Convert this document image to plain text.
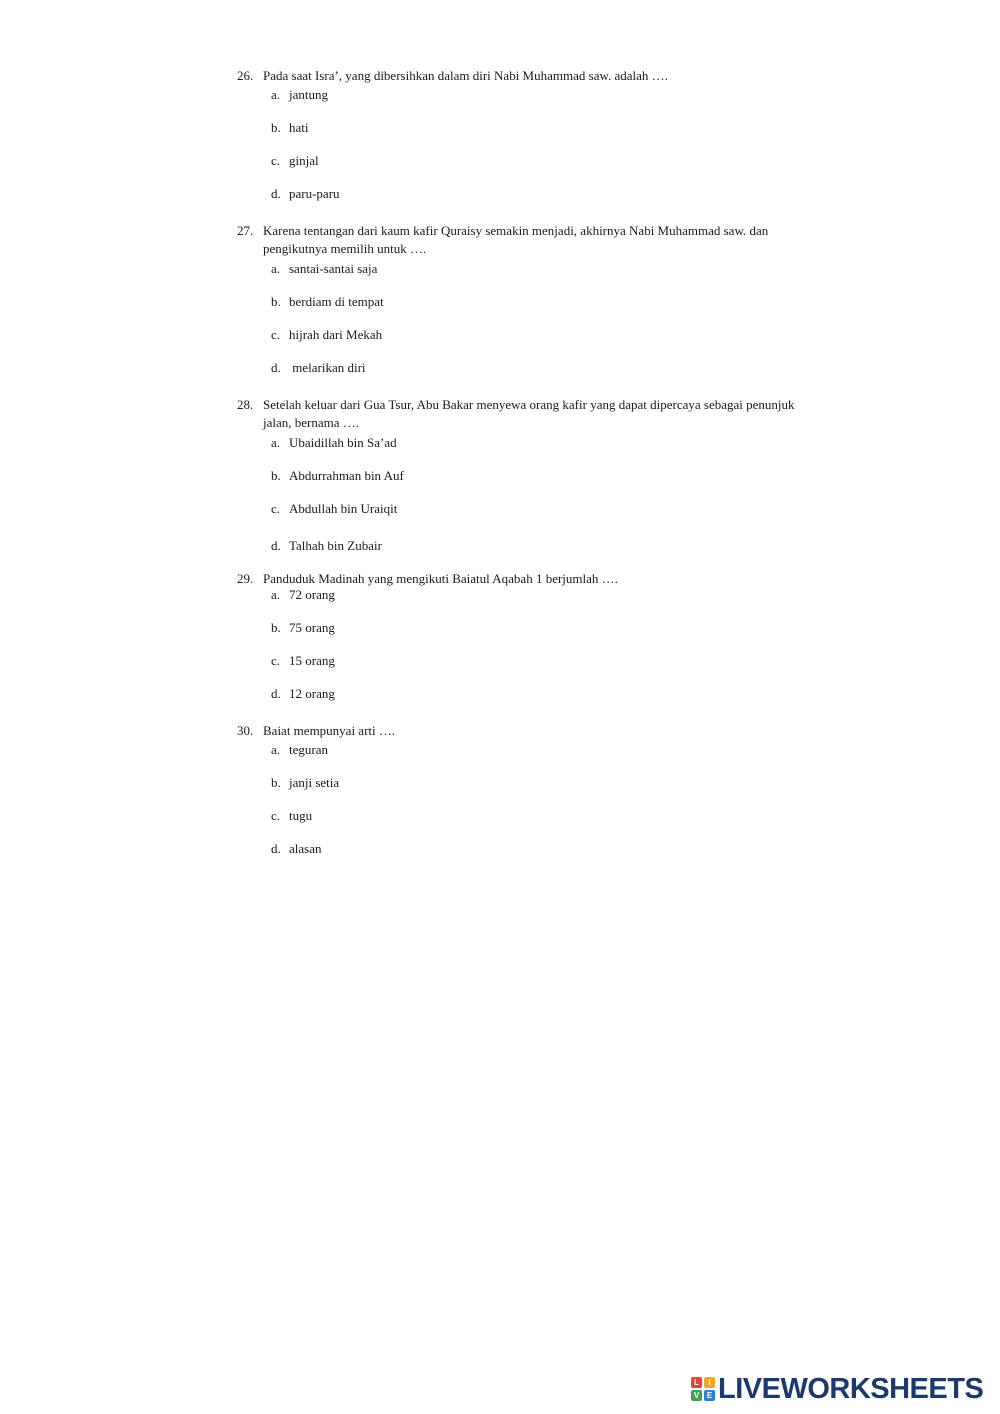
26. Pada saat Isra’, yang dibersihkan dalam diri Nabi Muhammad saw. adalah ….
a. jantung
b. hati
c. ginjal
d. paru-paru
27. Karena tentangan dari kaum kafir Quraisy semakin menjadi, akhirnya Nabi Muhammad saw. dan pengikutnya memilih untuk ….
a. santai-santai saja
b. berdiam di tempat
c. hijrah dari Mekah
d. melarikan diri
28. Setelah keluar dari Gua Tsur, Abu Bakar menyewa orang kafir yang dapat dipercaya sebagai penunjuk jalan, bernama ….
a. Ubaidillah bin Sa’ad
b. Abdurrahman bin Auf
c. Abdullah bin Uraiqit
d. Talhah bin Zubair
29. Panduduk Madinah yang mengikuti Baiatul Aqabah 1 berjumlah ….
a. 72 orang
b. 75 orang
c. 15 orang
d. 12 orang
30. Baiat mempunyai arti ….
a. teguran
b. janji setia
c. tugu
d. alasan
L	I
V E LIVEWORKSHEETS
